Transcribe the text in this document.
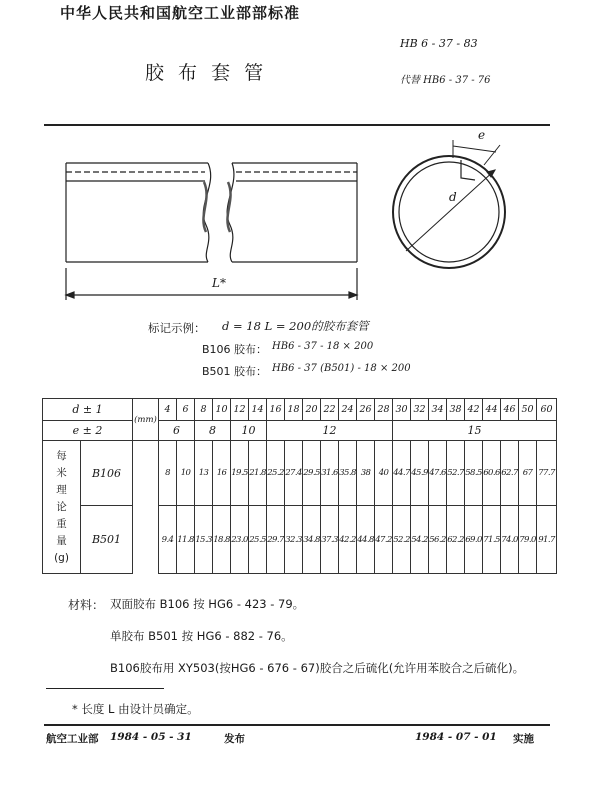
中华人民共和国航空工业部部标准
HB 6 - 37 - 83
胶 布 套 管	代替 HB6 - 37 - 76
L*
e
d
标记示例： d = 18 L = 200的胶布套管
B106 胶布： HB6 - 37 - 18 × 200
B501 胶布： HB6 - 37 (B501) - 18 × 200
d ± 1		(mm)	4	6	8	10	12	14	16	18	20	22	24	26	28	30	32	34	38	42	44	46	50	60
e ± 2			6		8		10		12							15								
每米理论重量(g)	B106		8	10	13	16	19.5	21.8	25.2	27.4	29.5	31.6	35.8	38	40	44.7	45.9	47.6	52.7	58.5	60.6	62.7	67	77.7
	B501		9.4	11.8	15.3	18.8	23.0	25.5	29.7	32.3	34.8	37.3	42.2	44.8	47.2	52.2	54.2	56.2	62.2	69.0	71.5	74.0	79.0	91.7
材料： 双面胶布 B106 按 HG6 - 423 - 79。
单胶布 B501 按 HG6 - 882 - 76。
B106胶布用 XY503(按HG6 - 676 - 67)胶合之后硫化(允许用苯胶合之后硫化)。
* 长度 L 由设计员确定。
航空工业部 1984 - 05 - 31	发布	1984 - 07 - 01 实施
